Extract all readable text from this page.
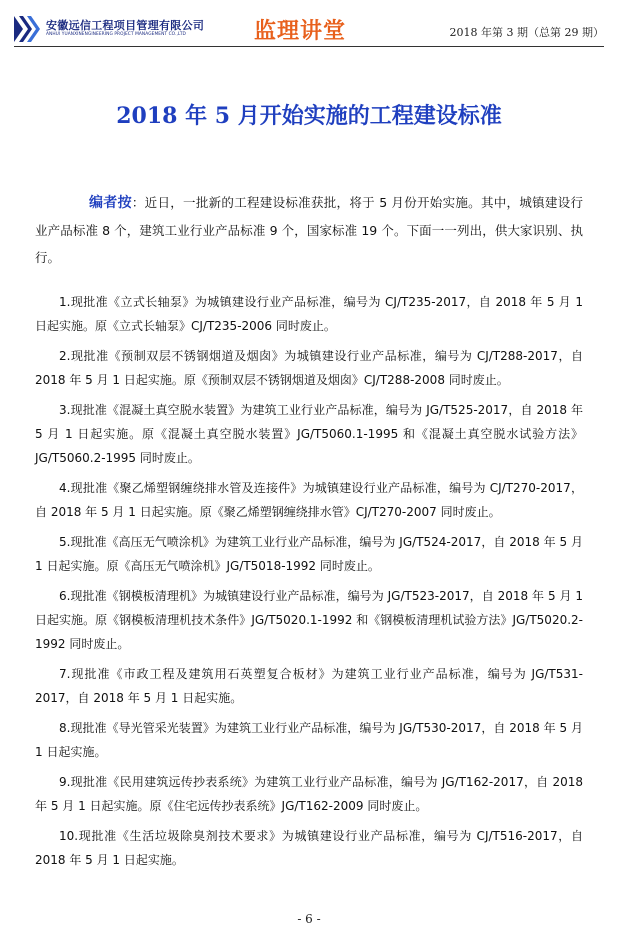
安徽远信工程项目管理有限公司
ANHUI YUANXINENGINEERING PROJECT MANAGEMENT CO.,LTD	监理讲堂	2018 年第 3 期（总第 29 期）
2018 年 5 月开始实施的工程建设标准

编者按：近日，一批新的工程建设标准获批，将于 5 月份开始实施。其中，城镇建设行业产品标准 8 个，建筑工业行业产品标准 9 个，国家标准 19 个。下面一一列出，供大家识别、执行。

1.现批准《立式长轴泵》为城镇建设行业产品标准，编号为 CJ/T235-2017，自 2018 年 5 月 1 日起实施。原《立式长轴泵》CJ/T235-2006 同时废止。

2.现批准《预制双层不锈钢烟道及烟囱》为城镇建设行业产品标准，编号为 CJ/T288-2017，自 2018 年 5 月 1 日起实施。原《预制双层不锈钢烟道及烟囱》CJ/T288-2008 同时废止。

3.现批准《混凝土真空脱水装置》为建筑工业行业产品标准，编号为 JG/T525-2017，自 2018 年 5 月 1 日起实施。原《混凝土真空脱水装置》JG/T5060.1-1995 和《混凝土真空脱水试验方法》JG/T5060.2-1995 同时废止。

4.现批准《聚乙烯塑钢缠绕排水管及连接件》为城镇建设行业产品标准，编号为 CJ/T270-2017，自 2018 年 5 月 1 日起实施。原《聚乙烯塑钢缠绕排水管》CJ/T270-2007 同时废止。

5.现批准《高压无气喷涂机》为建筑工业行业产品标准，编号为 JG/T524-2017，自 2018 年 5 月 1 日起实施。原《高压无气喷涂机》JG/T5018-1992 同时废止。

6.现批准《钢模板清理机》为城镇建设行业产品标准，编号为 JG/T523-2017，自 2018 年 5 月 1 日起实施。原《钢模板清理机技术条件》JG/T5020.1-1992 和《钢模板清理机试验方法》JG/T5020.2-1992 同时废止。

7.现批准《市政工程及建筑用石英塑复合板材》为建筑工业行业产品标准，编号为 JG/T531-2017，自 2018 年 5 月 1 日起实施。

8.现批准《导光管采光装置》为建筑工业行业产品标准，编号为 JG/T530-2017，自 2018 年 5 月 1 日起实施。

9.现批准《民用建筑远传抄表系统》为建筑工业行业产品标准，编号为 JG/T162-2017，自 2018 年 5 月 1 日起实施。原《住宅远传抄表系统》JG/T162-2009 同时废止。

10.现批准《生活垃圾除臭剂技术要求》为城镇建设行业产品标准，编号为 CJ/T516-2017，自 2018 年 5 月 1 日起实施。

- 6 -
